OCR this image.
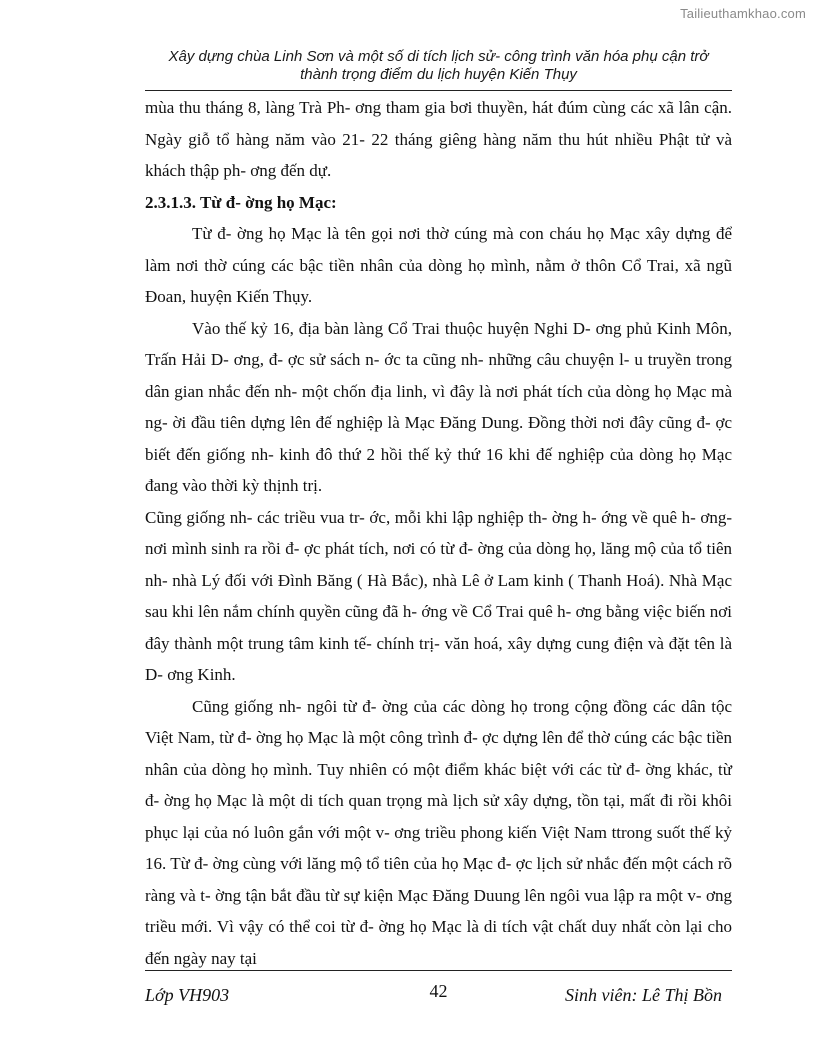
Tailieuthamkhao.com
Xây dựng chùa Linh Sơn và một số di tích lịch sử- công trình văn hóa phụ cận trở
thành trọng điểm du lịch huyện Kiến Thụy

mùa thu tháng 8, làng Trà Ph- ơng tham gia bơi thuyền, hát đúm cùng các xã lân cận. Ngày giỗ tổ hàng năm vào 21- 22 tháng giêng hàng năm thu hút nhiều Phật tử và khách thập ph- ơng đến dự.

2.3.1.3. Từ đ- ờng họ Mạc:

Từ đ- ờng họ Mạc là tên gọi nơi thờ cúng mà con cháu họ Mạc xây dựng để làm nơi thờ cúng các bậc tiền nhân của dòng họ mình, nằm ở thôn Cổ Trai, xã ngũ Đoan, huyện Kiến Thụy.

Vào thế kỷ 16, địa bàn làng Cổ Trai thuộc huyện Nghi D- ơng phủ Kinh Môn, Trấn Hải D- ơng, đ- ợc sử sách n- ớc ta cũng nh- những câu chuyện l- u truyền trong dân gian nhắc đến nh- một chốn địa linh, vì đây là nơi phát tích của dòng họ Mạc mà ng- ời đầu tiên dựng lên đế nghiệp là Mạc Đăng Dung. Đồng thời nơi đây cũng đ- ợc biết đến giống nh- kinh đô thứ 2 hồi thế kỷ thứ 16 khi đế nghiệp của dòng họ Mạc đang vào thời kỳ thịnh trị.

Cũng giống nh- các triều vua tr- ớc, mỗi khi lập nghiệp th- ờng h- ớng về quê h- ơng- nơi mình sinh ra rồi đ- ợc phát tích, nơi có từ đ- ờng của dòng họ, lăng mộ của tổ tiên nh- nhà Lý đối với Đình Băng ( Hà Bắc), nhà Lê ở Lam kinh ( Thanh Hoá). Nhà Mạc sau khi lên nắm chính quyền cũng đã h- ớng về Cổ Trai quê h- ơng bằng việc biến nơi đây thành một trung tâm kinh tế- chính trị- văn hoá, xây dựng cung điện và đặt tên là D- ơng Kinh.

Cũng giống nh- ngôi từ đ- ờng của các dòng họ trong cộng đồng các dân tộc Việt Nam, từ đ- ờng họ Mạc là một công trình đ- ợc dựng lên để thờ cúng các bậc tiền nhân của dòng họ mình. Tuy nhiên có một điểm khác biệt với các từ đ- ờng khác, từ đ- ờng họ Mạc là một di tích quan trọng mà lịch sử xây dựng, tồn tại, mất đi rồi khôi phục lại của nó luôn gắn với một v- ơng triều phong kiến Việt Nam ttrong suốt thế kỷ 16. Từ đ- ờng cùng với lăng mộ tổ tiên của họ Mạc đ- ợc lịch sử nhắc đến một cách rõ ràng và t- ờng tận bắt đầu từ sự kiện Mạc Đăng Duung lên ngôi vua lập ra một v- ơng triều mới. Vì vậy có thể coi từ đ- ờng họ Mạc là di tích vật chất duy nhất còn lại cho đến ngày nay tại

Lớp VH903	42	Sinh viên: Lê Thị Bồn
